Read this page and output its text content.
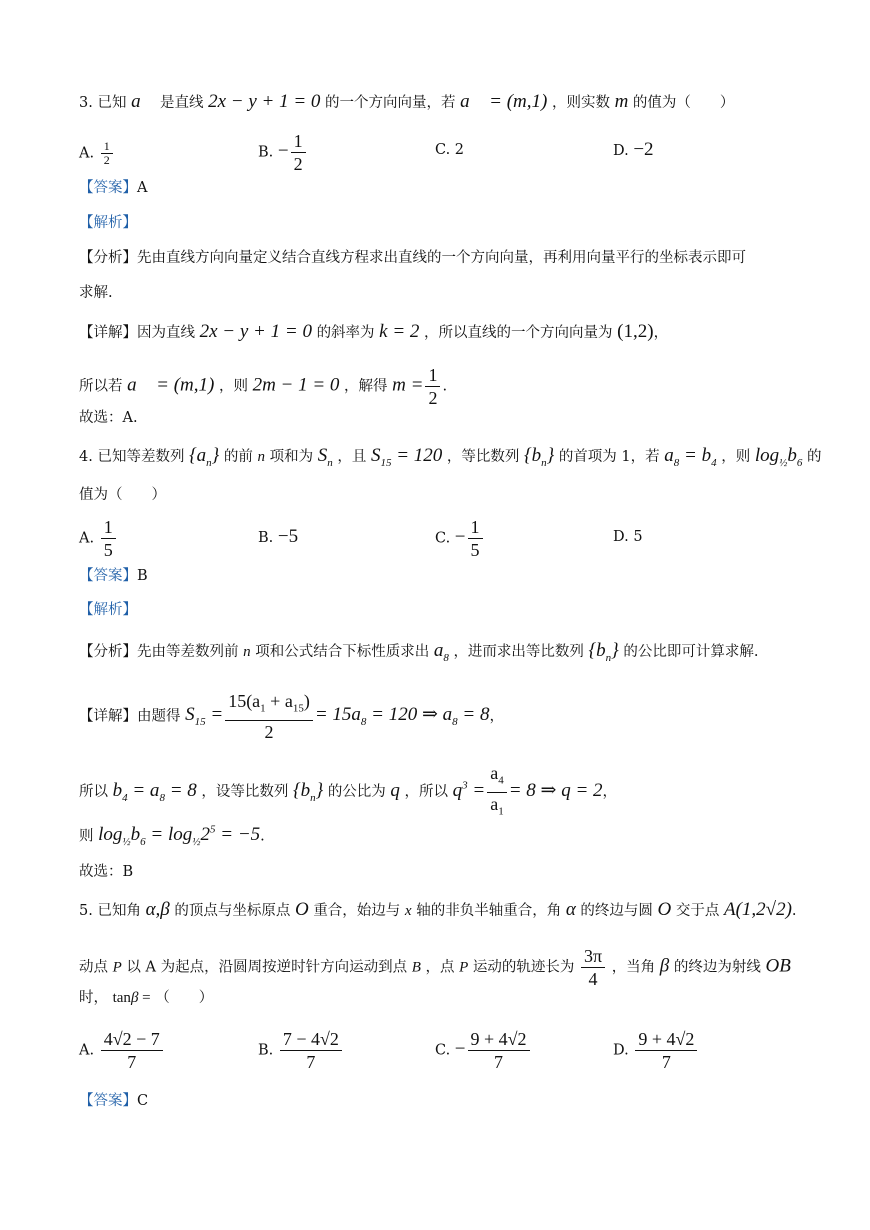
3. 已知 a⃗ 是直线 2x − y + 1 = 0 的一个方向向量，若 a⃗ = (m,1) ，则实数 m 的值为（　　）
A. $\frac{1}{2}$	B. − $\frac{1}{2}$	C. 2	D. −2
【答案】A
【解析】
【分析】先由直线方向向量定义结合直线方程求出直线的一个方向向量，再利用向量平行的坐标表示即可
求解.
【详解】因为直线 2x − y + 1 = 0 的斜率为 k = 2 ，所以直线的一个方向向量为 (1,2)，
所以若 a⃗ = (m,1) ，则 2m − 1 = 0 ，解得 $m = \frac{1}{2}$ .
故选：A.
4. 已知等差数列 $\{a_n\}$ 的前 n 项和为 $S_n$ ，且 $S_{15} = 120$ ，等比数列 $\{b_n\}$ 的首项为 1，若 $a_8 = b_4$ ，则 $\log_{\frac{1}{2}}b_6$ 的
值为（　　）
A. $\frac{1}{5}$	B. −5	C. − $\frac{1}{5}$	D. 5
【答案】B
【解析】
【分析】先由等差数列前 n 项和公式结合下标性质求出 $a_8$ ，进而求出等比数列 $\{b_n\}$ 的公比即可计算求解.
【详解】由题得 $S_{15} = \frac{15(a_1 + a_{15})}{2} = 15a_8 = 120$ ⇒ $a_8 = 8$，
所以 $b_4 = a_8 = 8$ ，设等比数列 $\{b_n\}$ 的公比为 q ，所以 $q^3 = \frac{a_4}{a_1} = 8$ ⇒ q = 2，
则 $\log_{\frac{1}{2}}b_6 = \log_{\frac{1}{2}}2^5 = -5$.
故选：B
5. 已知角 α,β 的顶点与坐标原点 O 重合，始边与 x 轴的非负半轴重合，角 α 的终边与圆 O 交于点 A(1,2√2).
动点 P 以 A 为起点，沿圆周按逆时针方向运动到点 B ，点 P 运动的轨迹长为 $\frac{3\pi}{4}$ ，当角 β 的终边为射线 OB
时， tanβ = （　　）
A. $\frac{4√2 - 7}{7}$	B. $\frac{7 - 4√2}{7}$	C. − $\frac{9 + 4√2}{7}$	D. $\frac{9 + 4√2}{7}$
【答案】C
